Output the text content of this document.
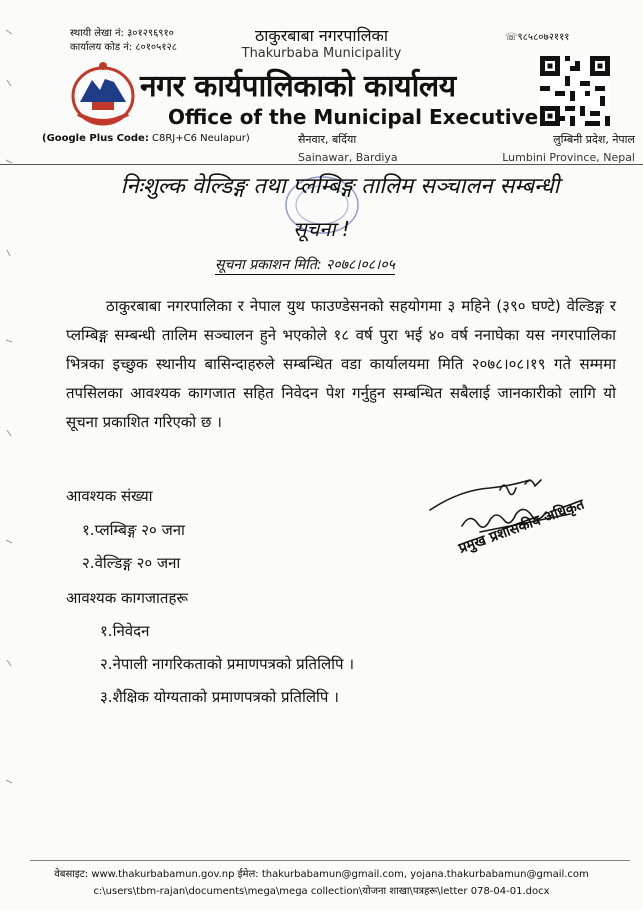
स्थायी लेखा नं: ३०१२९६९१०
कार्यालय कोड नं: ८०१०५१२८
☏९८५८०७२१११
ठाकुरबाबा नगरपालिका
Thakurbaba Municipality
नगर कार्यपालिकाको कार्यालय
Office of the Municipal Executive
(Google Plus Code: C8RJ+C6 Neulapur)	सैनवार, बर्दिया
Sainawar, Bardiya
लुम्बिनी प्रदेश, नेपाल
Lumbini Province, Nepal
निःशुल्क वेल्डिङ्ग तथा प्लम्बिङ्ग तालिम सञ्चालन सम्बन्धी
सूचना !
सूचना प्रकाशन मिति: २०७८।०८।०५
ठाकुरबाबा नगरपालिका र नेपाल युथ फाउण्डेसनको सहयोगमा ३ महिने (३९० घण्टे) वेल्डिङ्ग र प्लम्बिङ्ग सम्बन्धी तालिम सञ्चालन हुने भएकोले १८ वर्ष पुरा भई ४० वर्ष ननाघेका यस नगरपालिका भित्रका इच्छुक स्थानीय बासिन्दाहरुले सम्बन्धित वडा कार्यालयमा मिति २०७८।०८।१९ गते सम्ममा तपसिलका आवश्यक कागजात सहित निवेदन पेश गर्नुहुन सम्बन्धित सबैलाई जानकारीको लागि यो सूचना प्रकाशित गरिएको छ ।
आवश्यक संख्या
१.प्लम्बिङ्ग २० जना
२.वेल्डिङ्ग २० जना
आवश्यक कागजातहरू
१.निवेदन
२.नेपाली नागरिकताको प्रमाणपत्रको प्रतिलिपि ।
३.शैक्षिक योग्यताको प्रमाणपत्रको प्रतिलिपि ।
प्रमुख प्रशासकीय अधिकृत
वेबसाइट: www.thakurbabamun.gov.np ईमेल: thakurbabamun@gmail.com, yojana.thakurbabamun@gmail.com
c:\users\tbm-rajan\documents\mega\mega collection\योजना शाखा\पत्रहरू\letter 078-04-01.docx
